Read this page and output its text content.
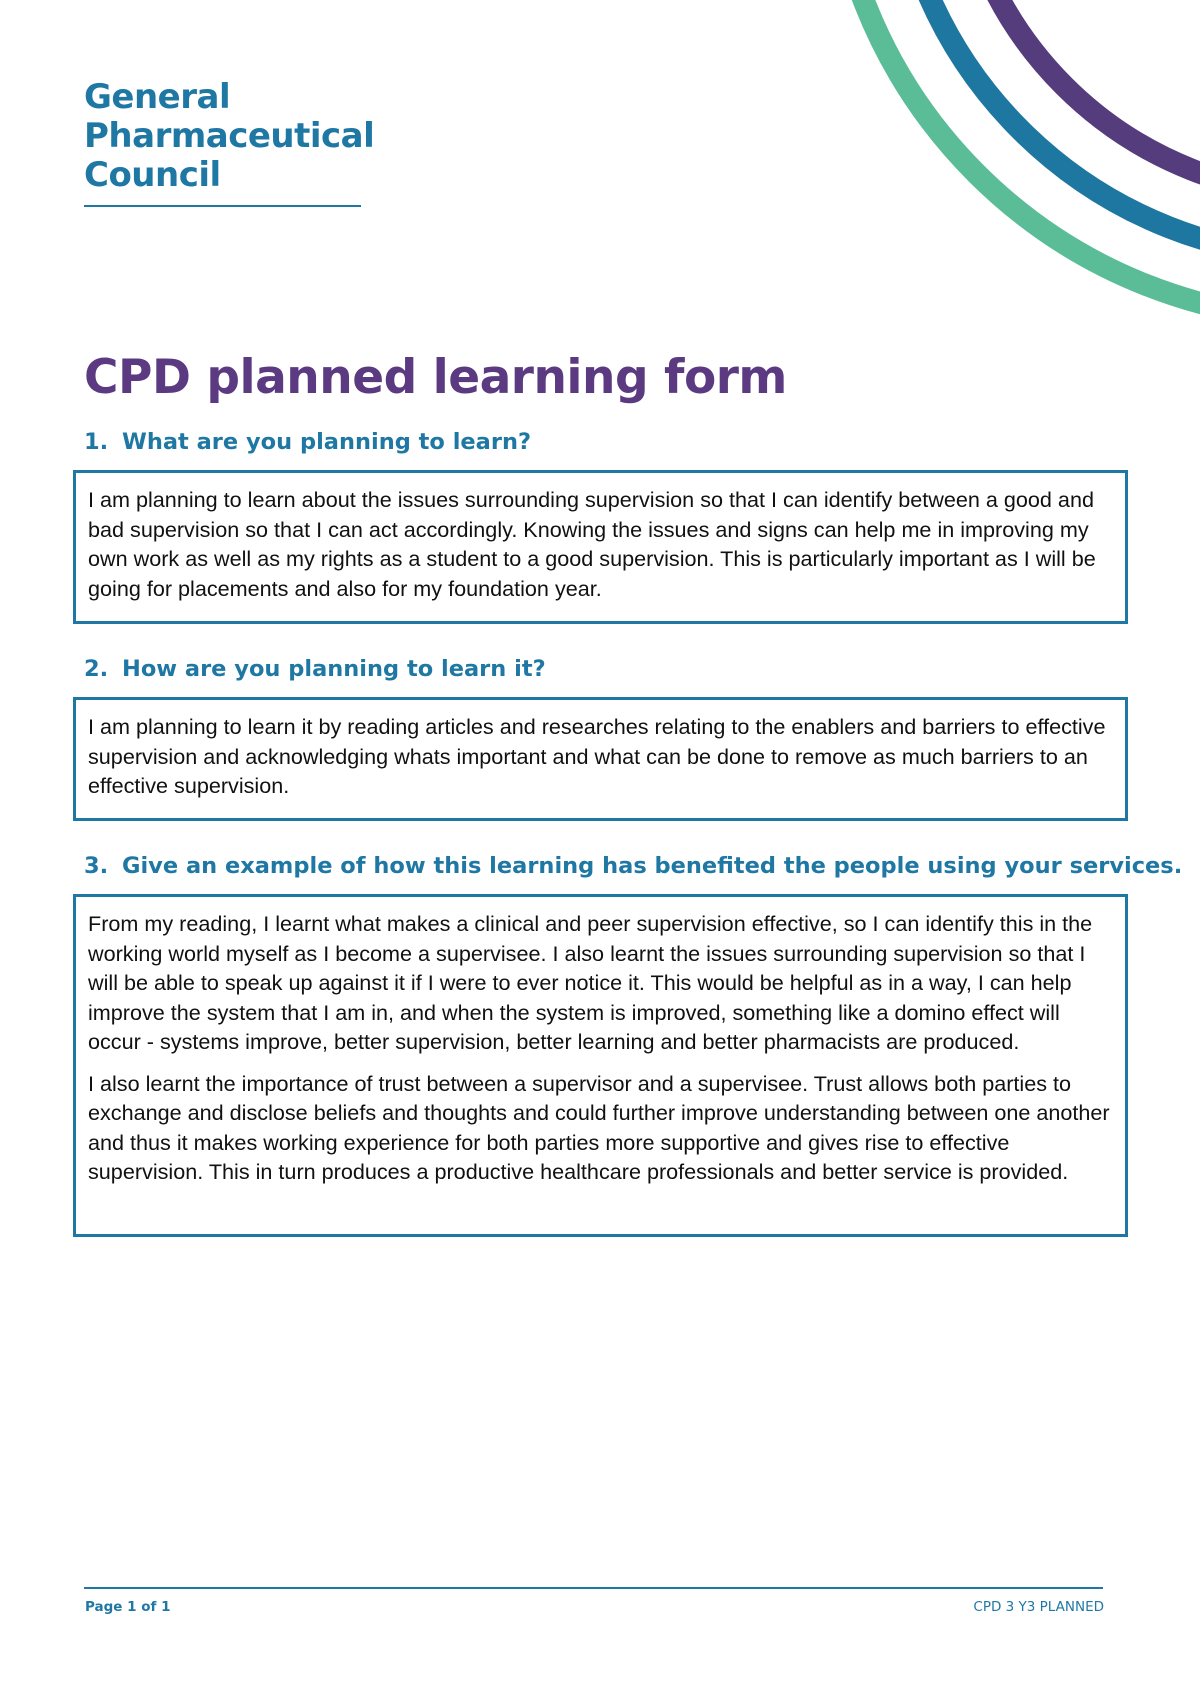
General
Pharmaceutical
Council
CPD planned learning form
1. What are you planning to learn?

I am planning to learn about the issues surrounding supervision so that I can identify between a good and bad supervision so that I can act accordingly. Knowing the issues and signs can help me in improving my own work as well as my rights as a student to a good supervision. This is particularly important as I will be going for placements and also for my foundation year.

2. How are you planning to learn it?

I am planning to learn it by reading articles and researches relating to the enablers and barriers to effective supervision and acknowledging whats important and what can be done to remove as much barriers to an effective supervision.

3. Give an example of how this learning has benefited the people using your services.

From my reading, I learnt what makes a clinical and peer supervision effective, so I can identify this in the working world myself as I become a supervisee. I also learnt the issues surrounding supervision so that I will be able to speak up against it if I were to ever notice it. This would be helpful as in a way, I can help improve the system that I am in, and when the system is improved, something like a domino effect will occur - systems improve, better supervision, better learning and better pharmacists are produced.

I also learnt the importance of trust between a supervisor and a supervisee. Trust allows both parties to exchange and disclose beliefs and thoughts and could further improve understanding between one another and thus it makes working experience for both parties more supportive and gives rise to effective supervision. This in turn produces a productive healthcare professionals and better service is provided.

Page 1 of 1	CPD 3 Y3 PLANNED
